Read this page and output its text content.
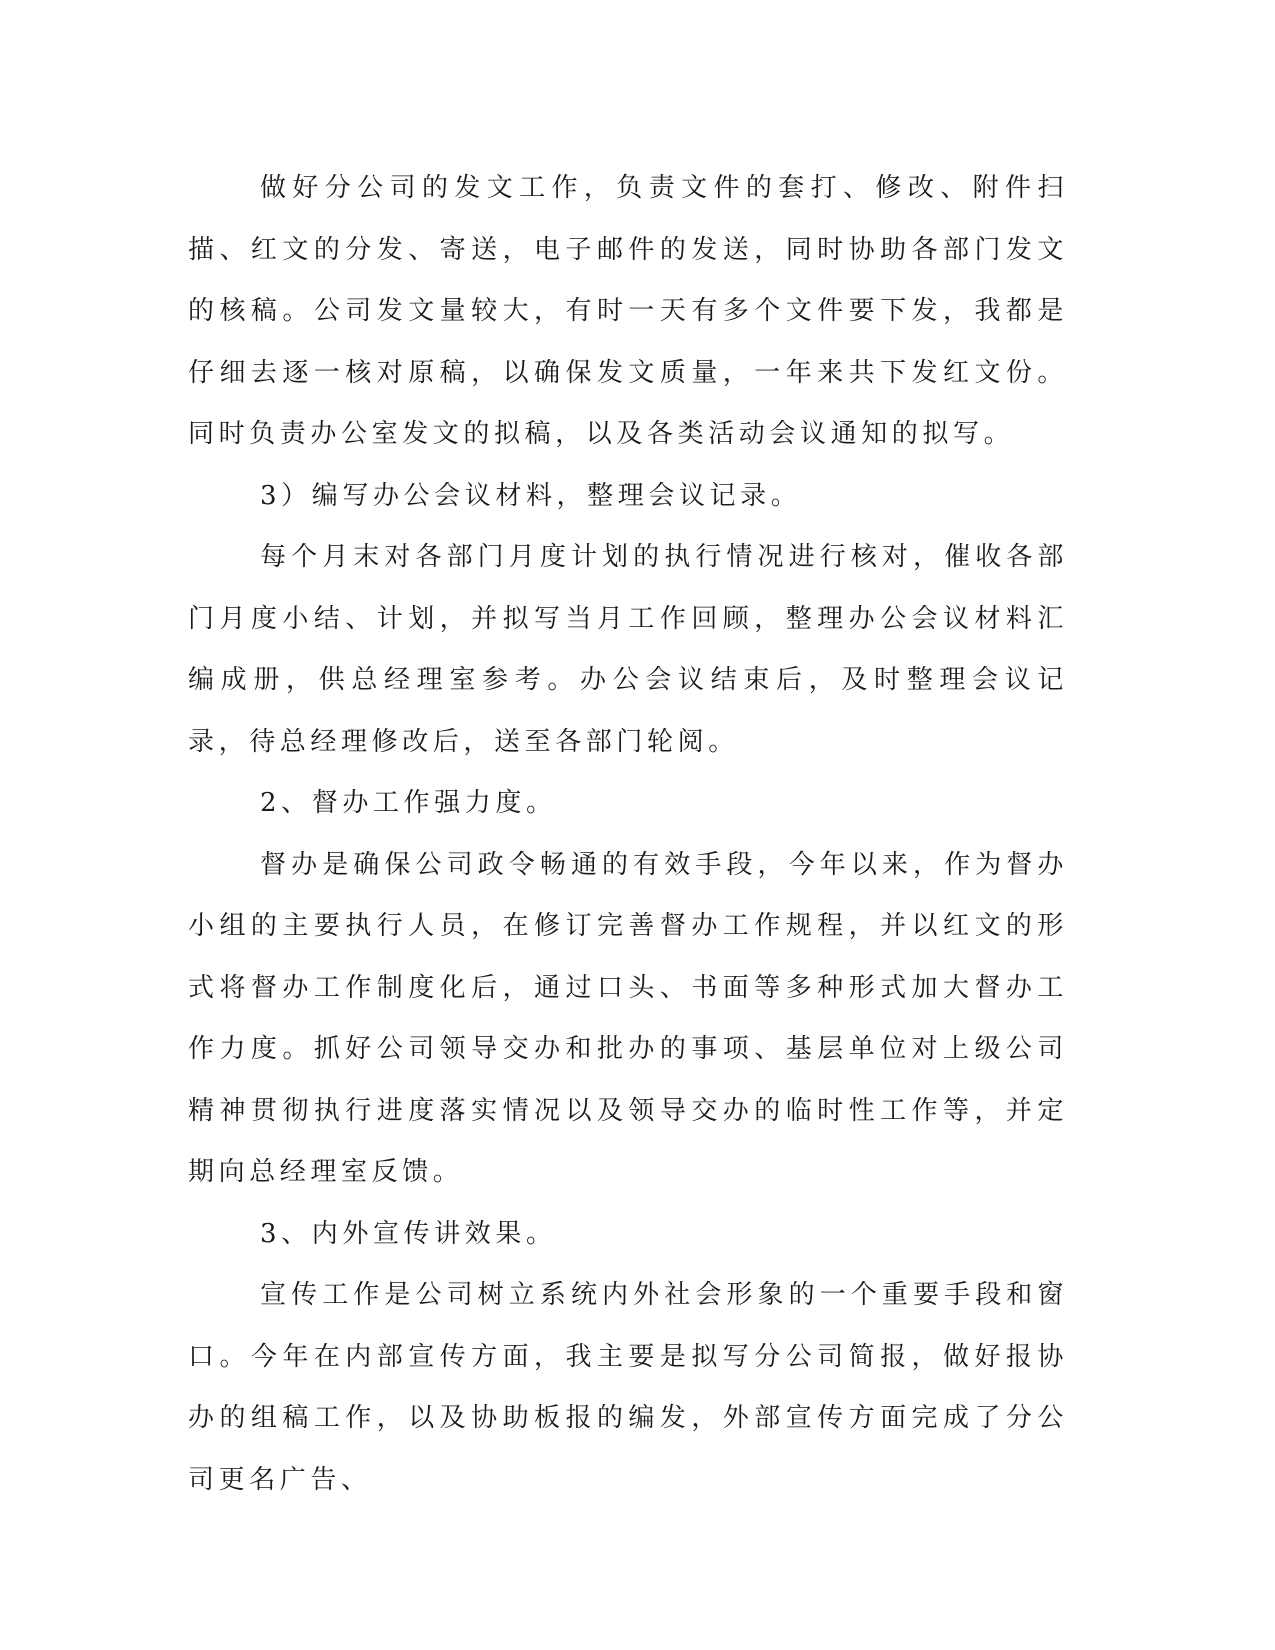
做好分公司的发文工作，负责文件的套打、修改、附件扫描、红文的分发、寄送，电子邮件的发送，同时协助各部门发文的核稿。公司发文量较大，有时一天有多个文件要下发，我都是仔细去逐一核对原稿，以确保发文质量，一年来共下发红文份。同时负责办公室发文的拟稿，以及各类活动会议通知的拟写。

3）编写办公会议材料，整理会议记录。

每个月末对各部门月度计划的执行情况进行核对，催收各部门月度小结、计划，并拟写当月工作回顾，整理办公会议材料汇编成册，供总经理室参考。办公会议结束后，及时整理会议记录，待总经理修改后，送至各部门轮阅。

2、督办工作强力度。

督办是确保公司政令畅通的有效手段，今年以来，作为督办小组的主要执行人员，在修订完善督办工作规程，并以红文的形式将督办工作制度化后，通过口头、书面等多种形式加大督办工作力度。抓好公司领导交办和批办的事项、基层单位对上级公司精神贯彻执行进度落实情况以及领导交办的临时性工作等，并定期向总经理室反馈。

3、内外宣传讲效果。

宣传工作是公司树立系统内外社会形象的一个重要手段和窗口。今年在内部宣传方面，我主要是拟写分公司简报，做好报协办的组稿工作，以及协助板报的编发，外部宣传方面完成了分公司更名广告、
